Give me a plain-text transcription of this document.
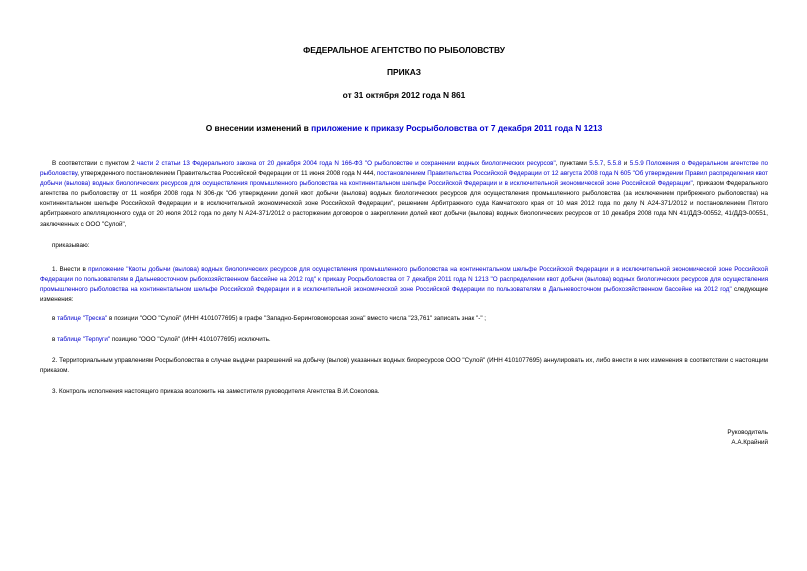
ФЕДЕРАЛЬНОЕ АГЕНТСТВО ПО РЫБОЛОВСТВУ
ПРИКАЗ
от 31 октября 2012 года N 861
О внесении изменений в приложение к приказу Росрыболовства от 7 декабря 2011 года N 1213

В соответствии с пунктом 2 части 2 статьи 13 Федерального закона от 20 декабря 2004 года N 166-ФЗ "О рыболовстве и сохранении водных биологических ресурсов", пунктами 5.5.7, 5.5.8 и 5.5.9 Положения о Федеральном агентстве по рыболовству, утвержденного постановлением Правительства Российской Федерации от 11 июня 2008 года N 444, постановлением Правительства Российской Федерации от 12 августа 2008 года N 605 "Об утверждении Правил распределения квот добычи (вылова) водных биологических ресурсов для осуществления промышленного рыболовства на континентальном шельфе Российской Федерации и в исключительной экономической зоне Российской Федерации", приказом Федерального агентства по рыболовству от 11 ноября 2008 года N 306-дк "Об утверждении долей квот добычи (вылова) водных биологических ресурсов для осуществления промышленного рыболовства (за исключением прибрежного рыболовства) на континентальном шельфе Российской Федерации и в исключительной экономической зоне Российской Федерации", решением Арбитражного суда Камчатского края от 10 мая 2012 года по делу N А24-371/2012 и постановлением Пятого арбитражного апелляционного суда от 20 июля 2012 года по делу N А24-371/2012 о расторжении договоров о закреплении долей квот добычи (вылова) водных биологических ресурсов от 10 декабря 2008 года NN 41/ДДЭ-00552, 41/ДДЭ-00551, заключенных с ООО "Сулой",

приказываю:

1. Внести в приложение "Квоты добычи (вылова) водных биологических ресурсов для осуществления промышленного рыболовства на континентальном шельфе Российской Федерации и в исключительной экономической зоне Российской Федерации по пользователям в Дальневосточном рыбохозяйственном бассейне на 2012 год" к приказу Росрыболовства от 7 декабря 2011 года N 1213 "О распределении квот добычи (вылова) водных биологических ресурсов для осуществления промышленного рыболовства на континентальном шельфе Российской Федерации и в исключительной экономической зоне Российской Федерации по пользователям в Дальневосточном рыбохозяйственном бассейне на 2012 год" следующие изменения:

в таблице "Треска" в позиции "ООО "Сулой" (ИНН 4101077695) в графе "Западно-Беринговоморская зона" вместо числа "23,761" записать знак "-" ;

в таблице "Терпуги" позицию "ООО "Сулой" (ИНН 4101077695) исключить.

2. Территориальным управлениям Росрыболовства в случае выдачи разрешений на добычу (вылов) указанных водных биоресурсов ООО "Сулой" (ИНН 4101077695) аннулировать их, либо внести в них изменения в соответствии с настоящим приказом.

3. Контроль исполнения настоящего приказа возложить на заместителя руководителя Агентства В.И.Соколова.

Руководитель
А.А.Крайний
